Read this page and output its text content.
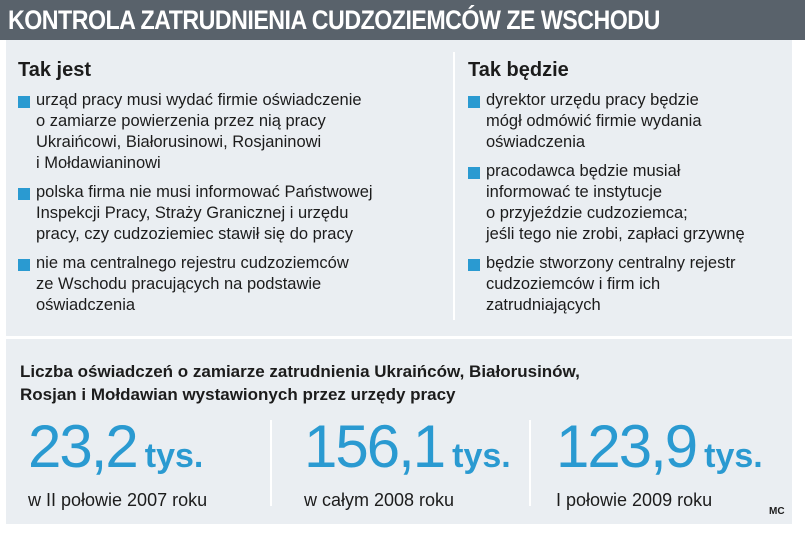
KONTROLA ZATRUDNIENIA CUDZOZIEMCÓW ZE WSCHODU
Tak jest
urząd pracy musi wydać firmie oświadczenie
o zamiarze powierzenia przez nią pracy
Ukraińcowi, Białorusinowi, Rosjaninowi
i Mołdawianinowi
polska firma nie musi informować Państwowej
Inspekcji Pracy, Straży Granicznej i urzędu
pracy, czy cudzoziemiec stawił się do pracy
nie ma centralnego rejestru cudzoziemców
ze Wschodu pracujących na podstawie
oświadczenia
Tak będzie
dyrektor urzędu pracy będzie
mógł odmówić firmie wydania
oświadczenia
pracodawca będzie musiał
informować te instytucje
o przyjeździe cudzoziemca;
jeśli tego nie zrobi, zapłaci grzywnę
będzie stworzony centralny rejestr
cudzoziemców i firm ich
zatrudniających
Liczba oświadczeń o zamiarze zatrudnienia Ukraińców, Białorusinów,
Rosjan i Mołdawian wystawionych przez urzędy pracy
23,2 tys.
w II połowie 2007 roku
156,1 tys.
w całym 2008 roku
123,9 tys.
I połowie 2009 roku
MC
